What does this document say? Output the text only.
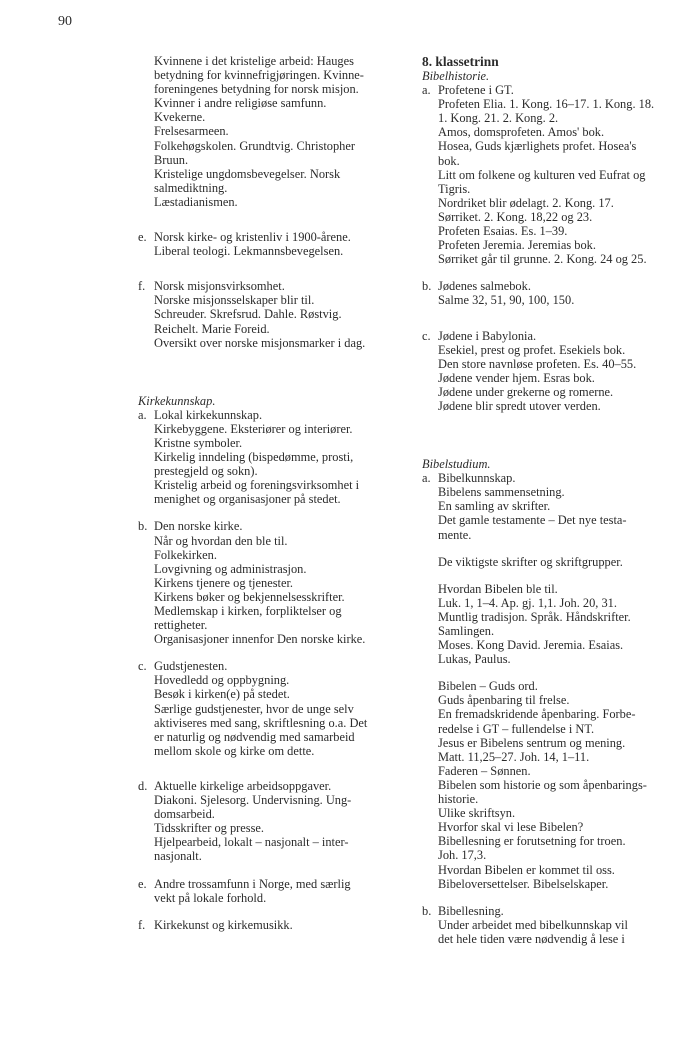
90
Kvinnene i det kristelige arbeid: Hauges
betydning for kvinnefrigjøringen. Kvinne-
foreningenes betydning for norsk misjon.
Kvinner i andre religiøse samfunn.
Kvekerne.
Frelsesarmeen.
Folkehøgskolen. Grundtvig. Christopher
Bruun.
Kristelige ungdomsbevegelser. Norsk
salmediktning.
Læstadianismen.
e. Norsk kirke- og kristenliv i 1900-årene.
Liberal teologi. Lekmannsbevegelsen.
f. Norsk misjonsvirksomhet.
Norske misjonsselskaper blir til.
Schreuder. Skrefsrud. Dahle. Røstvig.
Reichelt. Marie Foreid.
Oversikt over norske misjonsmarker i dag.
Kirkekunnskap.
a. Lokal kirkekunnskap.
Kirkebyggene. Eksteriører og interiører.
Kristne symboler.
Kirkelig inndeling (bispedømme, prosti,
prestegjeld og sokn).
Kristelig arbeid og foreningsvirksomhet i
menighet og organisasjoner på stedet.
b. Den norske kirke.
Når og hvordan den ble til.
Folkekirken.
Lovgivning og administrasjon.
Kirkens tjenere og tjenester.
Kirkens bøker og bekjennelsesskrifter.
Medlemskap i kirken, forpliktelser og
rettigheter.
Organisasjoner innenfor Den norske kirke.
c. Gudstjenesten.
Hovedledd og oppbygning.
Besøk i kirken(e) på stedet.
Særlige gudstjenester, hvor de unge selv
aktiviseres med sang, skriftlesning o.a. Det
er naturlig og nødvendig med samarbeid
mellom skole og kirke om dette.
d. Aktuelle kirkelige arbeidsoppgaver.
Diakoni. Sjelesorg. Undervisning. Ung-
domsarbeid.
Tidsskrifter og presse.
Hjelpearbeid, lokalt – nasjonalt – inter-
nasjonalt.
e. Andre trossamfunn i Norge, med særlig
vekt på lokale forhold.
f. Kirkekunst og kirkemusikk.
8. klassetrinn
Bibelhistorie.
a. Profetene i GT.
Profeten Elia. 1. Kong. 16–17. 1. Kong. 18.
1. Kong. 21. 2. Kong. 2.
Amos, domsprofeten. Amos' bok.
Hosea, Guds kjærlighets profet. Hosea's
bok.
Litt om folkene og kulturen ved Eufrat og
Tigris.
Nordriket blir ødelagt. 2. Kong. 17.
Sørriket. 2. Kong. 18,22 og 23.
Profeten Esaias. Es. 1–39.
Profeten Jeremia. Jeremias bok.
Sørriket går til grunne. 2. Kong. 24 og 25.
b. Jødenes salmebok.
Salme 32, 51, 90, 100, 150.
c. Jødene i Babylonia.
Esekiel, prest og profet. Esekiels bok.
Den store navnløse profeten. Es. 40–55.
Jødene vender hjem. Esras bok.
Jødene under grekerne og romerne.
Jødene blir spredt utover verden.
Bibelstudium.
a. Bibelkunnskap.
Bibelens sammensetning.
En samling av skrifter.
Det gamle testamente – Det nye testa-
mente.
De viktigste skrifter og skriftgrupper.
Hvordan Bibelen ble til.
Luk. 1, 1–4. Ap. gj. 1,1. Joh. 20, 31.
Muntlig tradisjon. Språk. Håndskrifter.
Samlingen.
Moses. Kong David. Jeremia. Esaias.
Lukas, Paulus.
Bibelen – Guds ord.
Guds åpenbaring til frelse.
En fremadskridende åpenbaring. Forbe-
redelse i GT – fullendelse i NT.
Jesus er Bibelens sentrum og mening.
Matt. 11,25–27. Joh. 14, 1–11.
Faderen – Sønnen.
Bibelen som historie og som åpenbarings-
historie.
Ulike skriftsyn.
Hvorfor skal vi lese Bibelen?
Bibellesning er forutsetning for troen.
Joh. 17,3.
Hvordan Bibelen er kommet til oss.
Bibeloversettelser. Bibelselskaper.
b. Bibellesning.
Under arbeidet med bibelkunnskap vil
det hele tiden være nødvendig å lese i
